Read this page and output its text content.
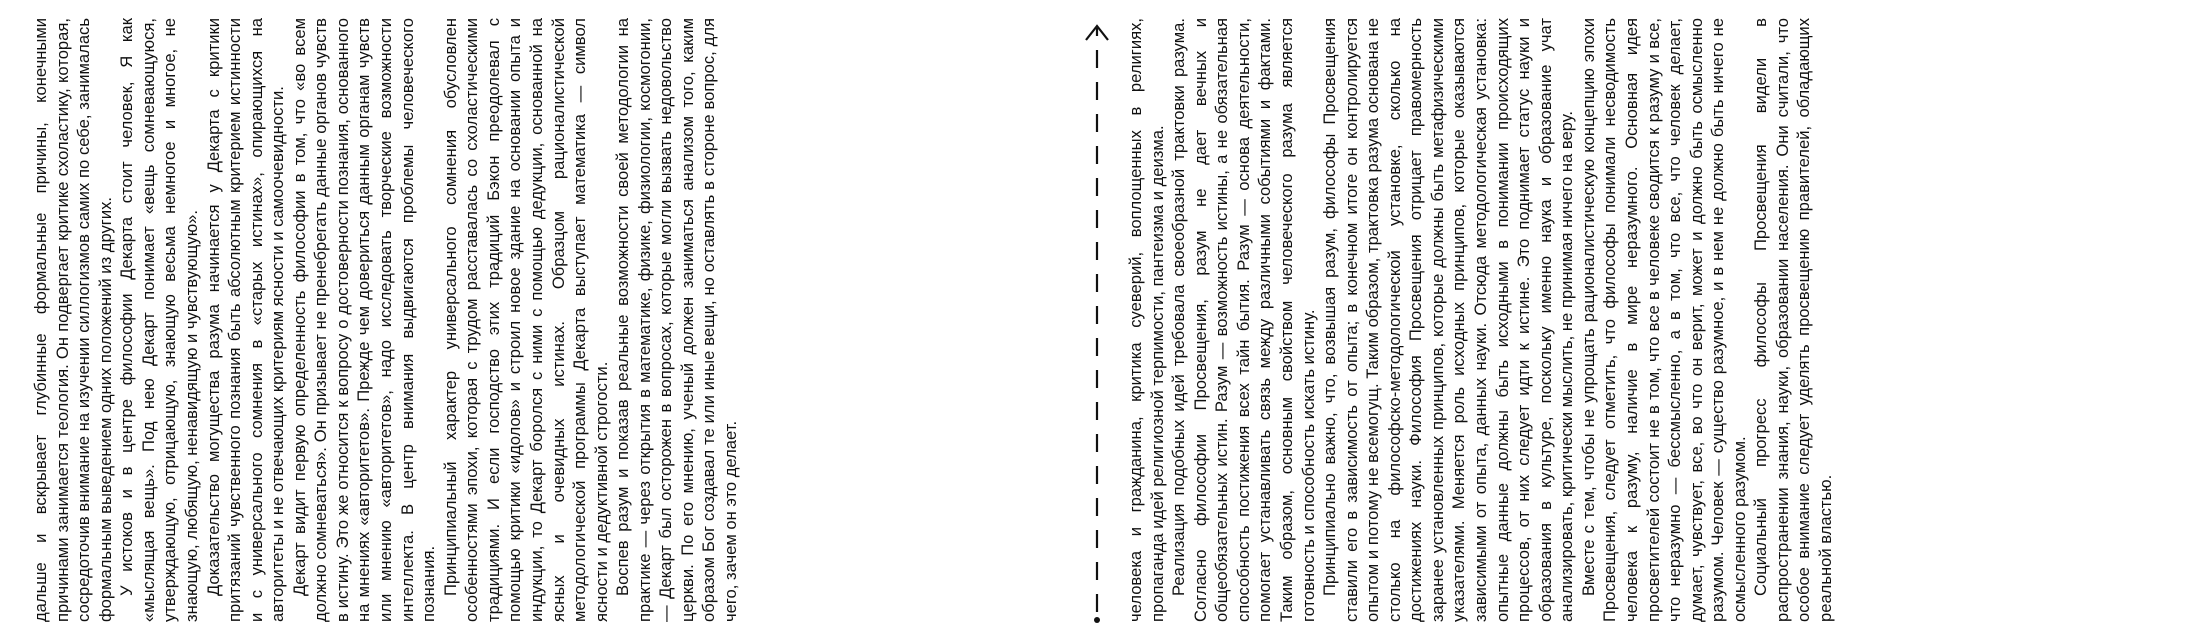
дальше и вскрывает глубинные формальные причины, конечными причинами занимается теология. Он подвергает критике схоластику, которая, сосредоточив внимание на изучении силлогизмов самих по себе, занималась формальным выведением одних положений из других. У истоков и в центре философии Декарта стоит человек, Я как «мыслящая вещь». Под нею Декарт понимает «вещь сомневающуюся, утверждающую, отрицающую, знающую весьма немногое и многое, не знающую, любящую, ненавидящую и чувствующую». Доказательство могущества разума начинается у Декарта с критики притязаний чувственного познания быть абсолютным критерием истинности и с универсального сомнения в «старых истинах», опирающихся на авторитеты и не отвечающих критериям ясности и самоочевидности. Декарт видит первую определенность философии в том, что «во всем должно сомневаться». Он призывает не пренебрегать данные органов чувств в истину. Это же относится к вопросу о достоверности познания, основанного на мнениях «авторитетов». Прежде чем довериться данным органам чувств или мнению «авторитетов», надо исследовать творческие возможности интеллекта. В центр внимания выдвигаются проблемы человеческого познания. Принципиальный характер универсального сомнения обусловлен особенностями эпохи, которая с трудом расставалась со схоластическими традициями. И если господство этих традиций Бэкон преодолевал с помощью критики «идолов» и строил новое здание на основании опыта и индукции, то Декарт боролся с ними с помощью дедукции, основанной на ясных и очевидных истинах. Образцом рационалистической методологической программы Декарта выступает математика — символ ясности и дедуктивной строгости. Воспев разум и показав реальные возможности своей методологии на практике — через открытия в математике, физике, физиологии, космогонии, — Декарт был осторожен в вопросах, которые могли вызвать недовольство церкви. По его мнению, ученый должен заниматься анализом того, каким образом Бог создавал те или иные вещи, но оставлять в стороне вопрос, для чего, зачем он это делает.	человека и гражданина, критика суеверий, воплощенных в религиях, пропаганда идей религиозной терпимости, пантеизма и деизма. Реализация подобных идей требовала своеобразной трактовки разума. Согласно философии Просвещения, разум не дает вечных и общеобязательных истин. Разум — возможность истины, а не обязательная способность постижения всех тайн бытия. Разум — основа деятельности, помогает устанавливать связь между различными событиями и фактами. Таким образом, основным свойством человеческого разума является готовность и способность искать истину. Принципиально важно, что, возвышая разум, философы Просвещения ставили его в зависимость от опыта; в конечном итоге он контролируется опытом и потому не всемогущ. Таким образом, трактовка разума основана не столько на философско-методологической установке, сколько на достижениях науки. Философия Просвещения отрицает правомерность заранее установленных принципов, которые должны быть метафизическими указателями. Меняется роль исходных принципов, которые оказываются зависимыми от опыта, данных науки. Отсюда методологическая установка: опытные данные должны быть исходными в понимании происходящих процессов, от них следует идти к истине. Это поднимает статус науки и образования в культуре, поскольку именно наука и образование учат анализировать, критически мыслить, не принимая ничего на веру. Вместе с тем, чтобы не упрощать рационалистическую концепцию эпохи Просвещения, следует отметить, что философы понимали несводимость человека к разуму, наличие в мире неразумного. Основная идея просветителей состоит не в том, что все в человеке сводится к разуму и все, что неразумно — бессмысленно, а в том, что все, что человек делает, думает, чувствует, все, во что он верит, может и должно быть осмысленно разумом. Человек — существо разумное, и в нем не должно быть ничего не осмысленного разумом. Социальный прогресс философы Просвещения видели в распространении знания, науки, образовании населения. Они считали, что особое внимание следует уделять просвещению правителей, обладающих реальной властью.
